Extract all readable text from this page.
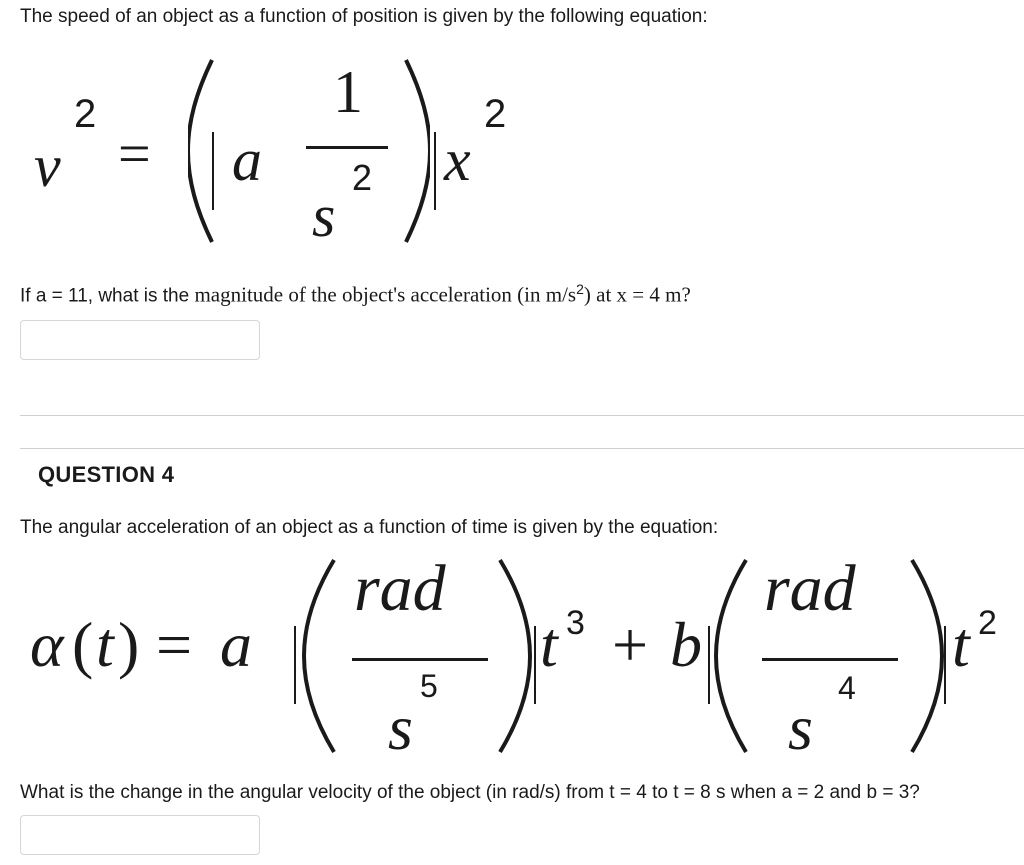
The speed of an object as a function of position is given by the following equation:
v
2
= a
1
s
2 x
2
If a = 11, what is the magnitude of the object's acceleration (in $m/s^2$) at x = 4 m?
QUESTION 4
The angular acceleration of an object as a function of time is given by the equation:
α ( t ) = a
rad
s
5
t 3 + b
rad
s
4
t 2
What is the change in the angular velocity of the object (in rad/s) from t = 4 to t = 8 s when a = 2 and b = 3?
